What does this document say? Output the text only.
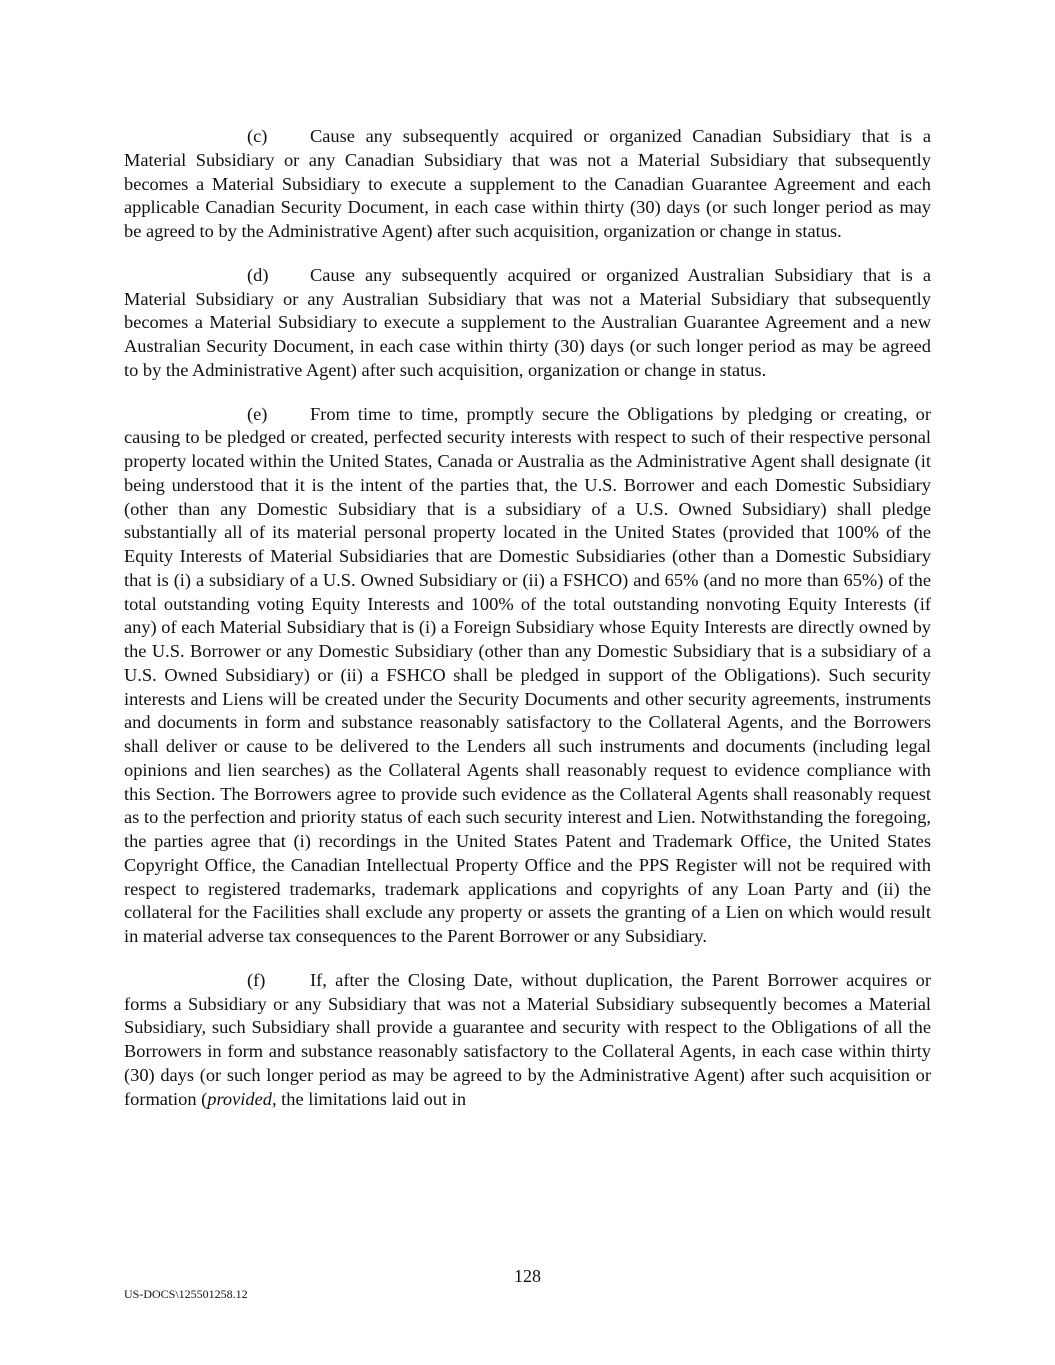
(c) Cause any subsequently acquired or organized Canadian Subsidiary that is a Material Subsidiary or any Canadian Subsidiary that was not a Material Subsidiary that subsequently becomes a Material Subsidiary to execute a supplement to the Canadian Guarantee Agreement and each applicable Canadian Security Document, in each case within thirty (30) days (or such longer period as may be agreed to by the Administrative Agent) after such acquisition, organization or change in status.

(d) Cause any subsequently acquired or organized Australian Subsidiary that is a Material Subsidiary or any Australian Subsidiary that was not a Material Subsidiary that subsequently becomes a Material Subsidiary to execute a supplement to the Australian Guarantee Agreement and a new Australian Security Document, in each case within thirty (30) days (or such longer period as may be agreed to by the Administrative Agent) after such acquisition, organization or change in status.

(e) From time to time, promptly secure the Obligations by pledging or creating, or causing to be pledged or created, perfected security interests with respect to such of their respective personal property located within the United States, Canada or Australia as the Administrative Agent shall designate (it being understood that it is the intent of the parties that, the U.S. Borrower and each Domestic Subsidiary (other than any Domestic Subsidiary that is a subsidiary of a U.S. Owned Subsidiary) shall pledge substantially all of its material personal property located in the United States (provided that 100% of the Equity Interests of Material Subsidiaries that are Domestic Subsidiaries (other than a Domestic Subsidiary that is (i) a subsidiary of a U.S. Owned Subsidiary or (ii) a FSHCO) and 65% (and no more than 65%) of the total outstanding voting Equity Interests and 100% of the total outstanding nonvoting Equity Interests (if any) of each Material Subsidiary that is (i) a Foreign Subsidiary whose Equity Interests are directly owned by the U.S. Borrower or any Domestic Subsidiary (other than any Domestic Subsidiary that is a subsidiary of a U.S. Owned Subsidiary) or (ii) a FSHCO shall be pledged in support of the Obligations). Such security interests and Liens will be created under the Security Documents and other security agreements, instruments and documents in form and substance reasonably satisfactory to the Collateral Agents, and the Borrowers shall deliver or cause to be delivered to the Lenders all such instruments and documents (including legal opinions and lien searches) as the Collateral Agents shall reasonably request to evidence compliance with this Section. The Borrowers agree to provide such evidence as the Collateral Agents shall reasonably request as to the perfection and priority status of each such security interest and Lien. Notwithstanding the foregoing, the parties agree that (i) recordings in the United States Patent and Trademark Office, the United States Copyright Office, the Canadian Intellectual Property Office and the PPS Register will not be required with respect to registered trademarks, trademark applications and copyrights of any Loan Party and (ii) the collateral for the Facilities shall exclude any property or assets the granting of a Lien on which would result in material adverse tax consequences to the Parent Borrower or any Subsidiary.

(f) If, after the Closing Date, without duplication, the Parent Borrower acquires or forms a Subsidiary or any Subsidiary that was not a Material Subsidiary subsequently becomes a Material Subsidiary, such Subsidiary shall provide a guarantee and security with respect to the Obligations of all the Borrowers in form and substance reasonably satisfactory to the Collateral Agents, in each case within thirty (30) days (or such longer period as may be agreed to by the Administrative Agent) after such acquisition or formation (provided, the limitations laid out in

128
US-DOCS\125501258.12
